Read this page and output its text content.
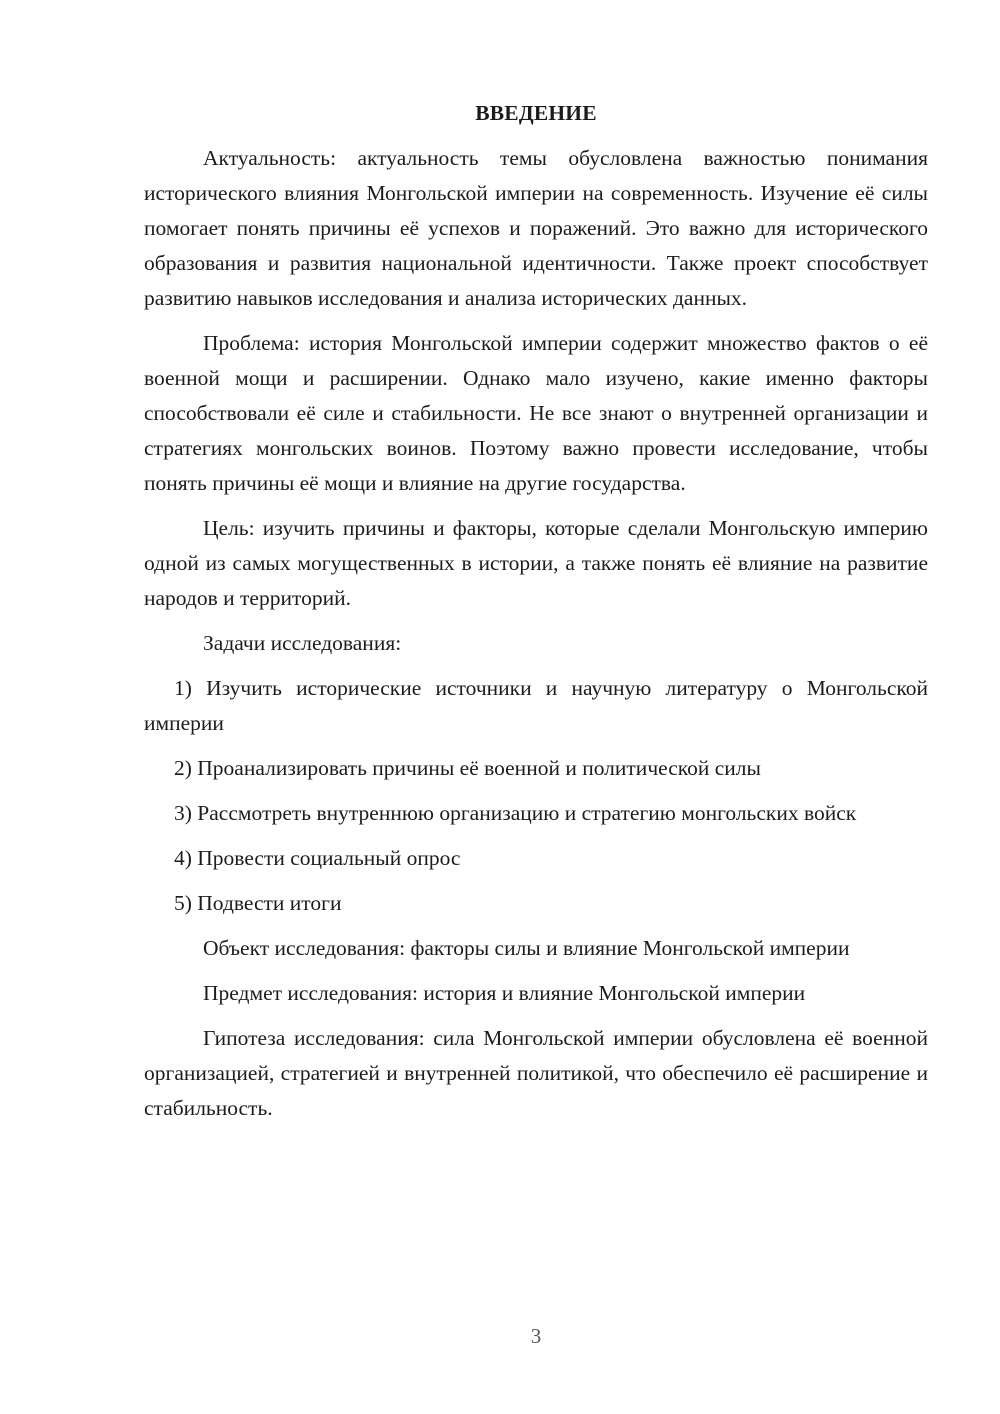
ВВЕДЕНИЕ

Актуальность: актуальность темы обусловлена важностью понимания исторического влияния Монгольской империи на современность. Изучение её силы помогает понять причины её успехов и поражений. Это важно для исторического образования и развития национальной идентичности. Также проект способствует развитию навыков исследования и анализа исторических данных.

Проблема: история Монгольской империи содержит множество фактов о её военной мощи и расширении. Однако мало изучено, какие именно факторы способствовали её силе и стабильности. Не все знают о внутренней организации и стратегиях монгольских воинов. Поэтому важно провести исследование, чтобы понять причины её мощи и влияние на другие государства.

Цель: изучить причины и факторы, которые сделали Монгольскую империю одной из самых могущественных в истории, а также понять её влияние на развитие народов и территорий.

Задачи исследования:

1) Изучить исторические источники и научную литературу о Монгольской империи

2) Проанализировать причины её военной и политической силы

3) Рассмотреть внутреннюю организацию и стратегию монгольских войск

4) Провести социальный опрос

5) Подвести итоги

Объект исследования: факторы силы и влияние Монгольской империи

Предмет исследования: история и влияние Монгольской империи

Гипотеза исследования: сила Монгольской империи обусловлена её военной организацией, стратегией и внутренней политикой, что обеспечило её расширение и стабильность.

3
